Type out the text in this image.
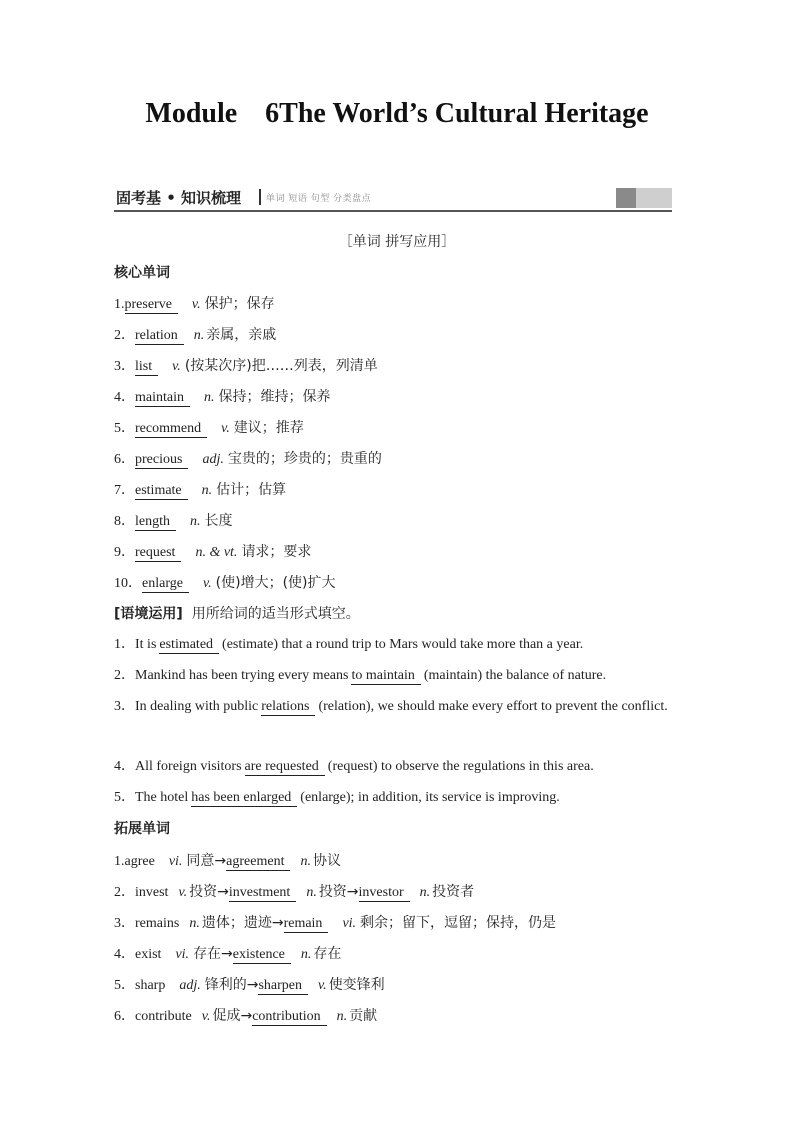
Module    6The World’s Cultural Heritage
固考基 • 知识梳理	单词 短语 句型 分类盘点
［单词 拼写应用］
核心单词
1.preserve v. 保护；保存
2．relation n. 亲属，亲戚
3．list v. (按某次序)把……列表，列清单
4．maintain n. 保持；维持；保养
5．recommend v. 建议；推荐
6．precious adj. 宝贵的；珍贵的；贵重的
7．estimate n. 估计；估算
8．length n. 长度
9．request n. & vt. 请求；要求
10．enlarge v. (使)增大；(使)扩大
[语境运用] 用所给词的适当形式填空。
1．It is estimated (estimate) that a round trip to Mars would take more than a year.
2．Mankind has been trying every means to maintain (maintain) the balance of nature.
3．In dealing with public relations (relation), we should make every effort to prevent the conflict.
4．All foreign visitors are requested (request) to observe the regulations in this area.
5．The hotel has been enlarged (enlarge); in addition, its service is improving.
拓展单词
1.agree vi. 同意→agreement n. 协议
2．invest v. 投资→investment n. 投资→investor n. 投资者
3．remains n. 遗体；遗迹→remain vi. 剩余；留下，逗留；保持，仍是
4．exist vi. 存在→existence n. 存在
5．sharp adj. 锋利的→sharpen v. 使变锋利
6．contribute v. 促成→contribution n. 贡献
